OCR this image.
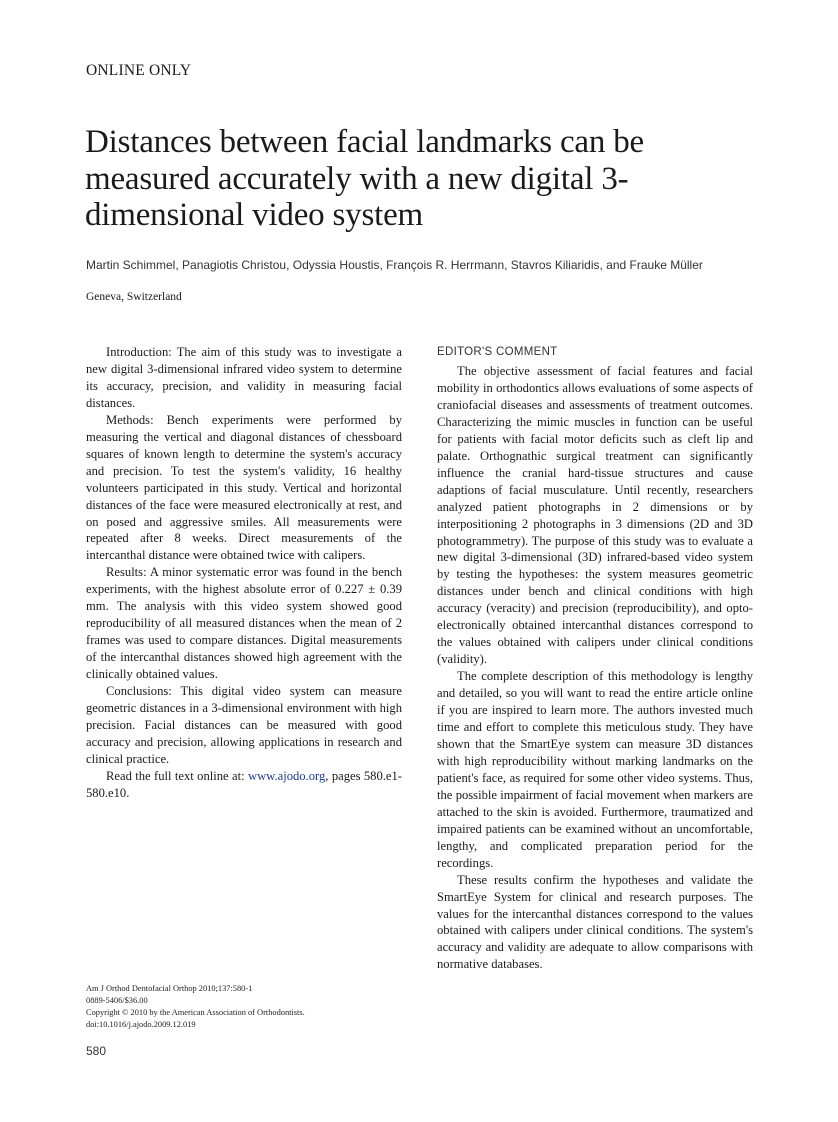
ONLINE ONLY
Distances between facial landmarks can be measured accurately with a new digital 3-dimensional video system
Martin Schimmel, Panagiotis Christou, Odyssia Houstis, François R. Herrmann, Stavros Kiliaridis, and Frauke Müller
Geneva, Switzerland

Introduction: The aim of this study was to investigate a new digital 3-dimensional infrared video system to determine its accuracy, precision, and validity in measuring facial distances.

Methods: Bench experiments were performed by measuring the vertical and diagonal distances of chessboard squares of known length to determine the system's accuracy and precision. To test the system's validity, 16 healthy volunteers participated in this study. Vertical and horizontal distances of the face were measured electronically at rest, and on posed and aggressive smiles. All measurements were repeated after 8 weeks. Direct measurements of the intercanthal distance were obtained twice with calipers.

Results: A minor systematic error was found in the bench experiments, with the highest absolute error of 0.227 ± 0.39 mm. The analysis with this video system showed good reproducibility of all measured distances when the mean of 2 frames was used to compare distances. Digital measurements of the intercanthal distances showed high agreement with the clinically obtained values.

Conclusions: This digital video system can measure geometric distances in a 3-dimensional environment with high precision. Facial distances can be measured with good accuracy and precision, allowing applications in research and clinical practice.

Read the full text online at: www.ajodo.org, pages 580.e1-580.e10.

EDITOR'S COMMENT

The objective assessment of facial features and facial mobility in orthodontics allows evaluations of some aspects of craniofacial diseases and assessments of treatment outcomes. Characterizing the mimic muscles in function can be useful for patients with facial motor deficits such as cleft lip and palate. Orthognathic surgical treatment can significantly influence the cranial hard-tissue structures and cause adaptions of facial musculature. Until recently, researchers analyzed patient photographs in 2 dimensions or by interpositioning 2 photographs in 3 dimensions (2D and 3D photogrammetry). The purpose of this study was to evaluate a new digital 3-dimensional (3D) infrared-based video system by testing the hypotheses: the system measures geometric distances under bench and clinical conditions with high accuracy (veracity) and precision (reproducibility), and opto-electronically obtained intercanthal distances correspond to the values obtained with calipers under clinical conditions (validity).

The complete description of this methodology is lengthy and detailed, so you will want to read the entire article online if you are inspired to learn more. The authors invested much time and effort to complete this meticulous study. They have shown that the SmartEye system can measure 3D distances with high reproducibility without marking landmarks on the patient's face, as required for some other video systems. Thus, the possible impairment of facial movement when markers are attached to the skin is avoided. Furthermore, traumatized and impaired patients can be examined without an uncomfortable, lengthy, and complicated preparation period for the recordings.

These results confirm the hypotheses and validate the SmartEye System for clinical and research purposes. The values for the intercanthal distances correspond to the values obtained with calipers under clinical conditions. The system's accuracy and validity are adequate to allow comparisons with normative databases.

Am J Orthod Dentofacial Orthop 2010;137:580-1
0889-5406/$36.00
Copyright © 2010 by the American Association of Orthodontists.
doi:10.1016/j.ajodo.2009.12.019
580
